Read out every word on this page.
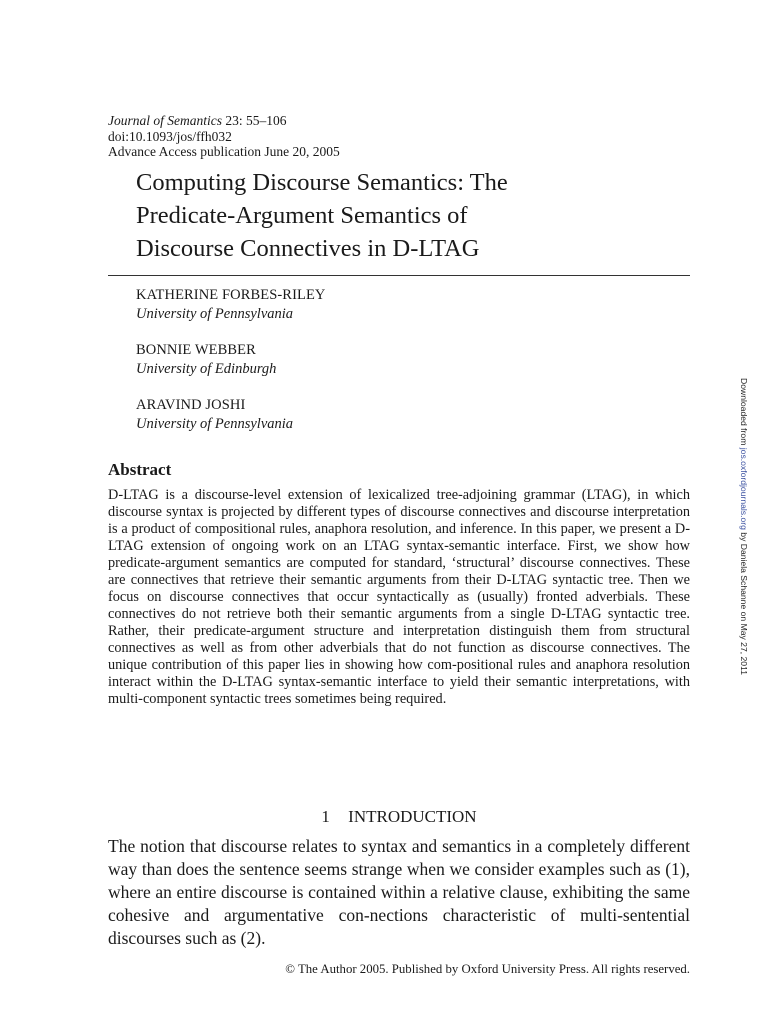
Journal of Semantics 23: 55–106
doi:10.1093/jos/ffh032
Advance Access publication June 20, 2005
Computing Discourse Semantics: The
Predicate-Argument Semantics of
Discourse Connectives in D-LTAG
KATHERINE FORBES-RILEY
University of Pennsylvania
BONNIE WEBBER
University of Edinburgh
ARAVIND JOSHI
University of Pennsylvania
Abstract

D-LTAG is a discourse-level extension of lexicalized tree-adjoining grammar (LTAG), in which discourse syntax is projected by different types of discourse connectives and discourse interpretation is a product of compositional rules, anaphora resolution, and inference. In this paper, we present a D-LTAG extension of ongoing work on an LTAG syntax-semantic interface. First, we show how predicate-argument semantics are computed for standard, ‘structural’ discourse connectives. These are connectives that retrieve their semantic arguments from their D-LTAG syntactic tree. Then we focus on discourse connectives that occur syntactically as (usually) fronted adverbials. These connectives do not retrieve both their semantic arguments from a single D-LTAG syntactic tree. Rather, their predicate-argument structure and interpretation distinguish them from structural connectives as well as from other adverbials that do not function as discourse connectives. The unique contribution of this paper lies in showing how com-positional rules and anaphora resolution interact within the D-LTAG syntax-semantic interface to yield their semantic interpretations, with multi-component syntactic trees sometimes being required.

1 INTRODUCTION

The notion that discourse relates to syntax and semantics in a completely different way than does the sentence seems strange when we consider examples such as (1), where an entire discourse is contained within a relative clause, exhibiting the same cohesive and argumentative con-nections characteristic of multi-sentential discourses such as (2).

© The Author 2005. Published by Oxford University Press. All rights reserved.
Downloaded from jos.oxfordjournals.org by Daniela Schanne on May 27, 2011
